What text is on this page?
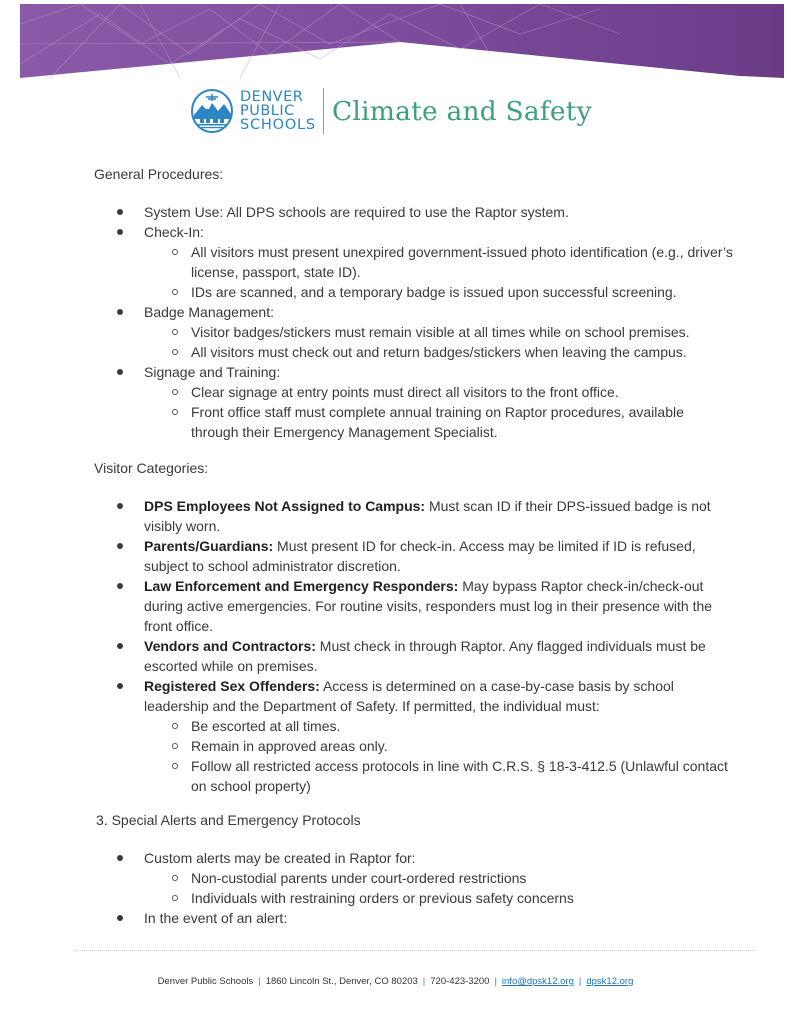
DENVER
PUBLIC
SCHOOLS Climate and Safety

General Procedures:

System Use: All DPS schools are required to use the Raptor system.
Check-In:
All visitors must present unexpired government-issued photo identification (e.g., driver’s license, passport, state ID).
IDs are scanned, and a temporary badge is issued upon successful screening.
Badge Management:
Visitor badges/stickers must remain visible at all times while on school premises.
All visitors must check out and return badges/stickers when leaving the campus.
Signage and Training:
Clear signage at entry points must direct all visitors to the front office.
Front office staff must complete annual training on Raptor procedures, available through their Emergency Management Specialist.

Visitor Categories:

DPS Employees Not Assigned to Campus: Must scan ID if their DPS-issued badge is not visibly worn.
Parents/Guardians: Must present ID for check-in. Access may be limited if ID is refused, subject to school administrator discretion.
Law Enforcement and Emergency Responders: May bypass Raptor check-in/check-out during active emergencies. For routine visits, responders must log in their presence with the front office.
Vendors and Contractors: Must check in through Raptor. Any flagged individuals must be escorted while on premises.
Registered Sex Offenders: Access is determined on a case-by-case basis by school leadership and the Department of Safety. If permitted, the individual must:
Be escorted at all times.
Remain in approved areas only.
Follow all restricted access protocols in line with C.R.S. § 18-3-412.5 (Unlawful contact on school property)

3. Special Alerts and Emergency Protocols

Custom alerts may be created in Raptor for:
Non-custodial parents under court-ordered restrictions
Individuals with restraining orders or previous safety concerns
In the event of an alert:
Denver Public Schools | 1860 Lincoln St., Denver, CO 80203 | 720-423-3200 | info@dpsk12.org | dpsk12.org
